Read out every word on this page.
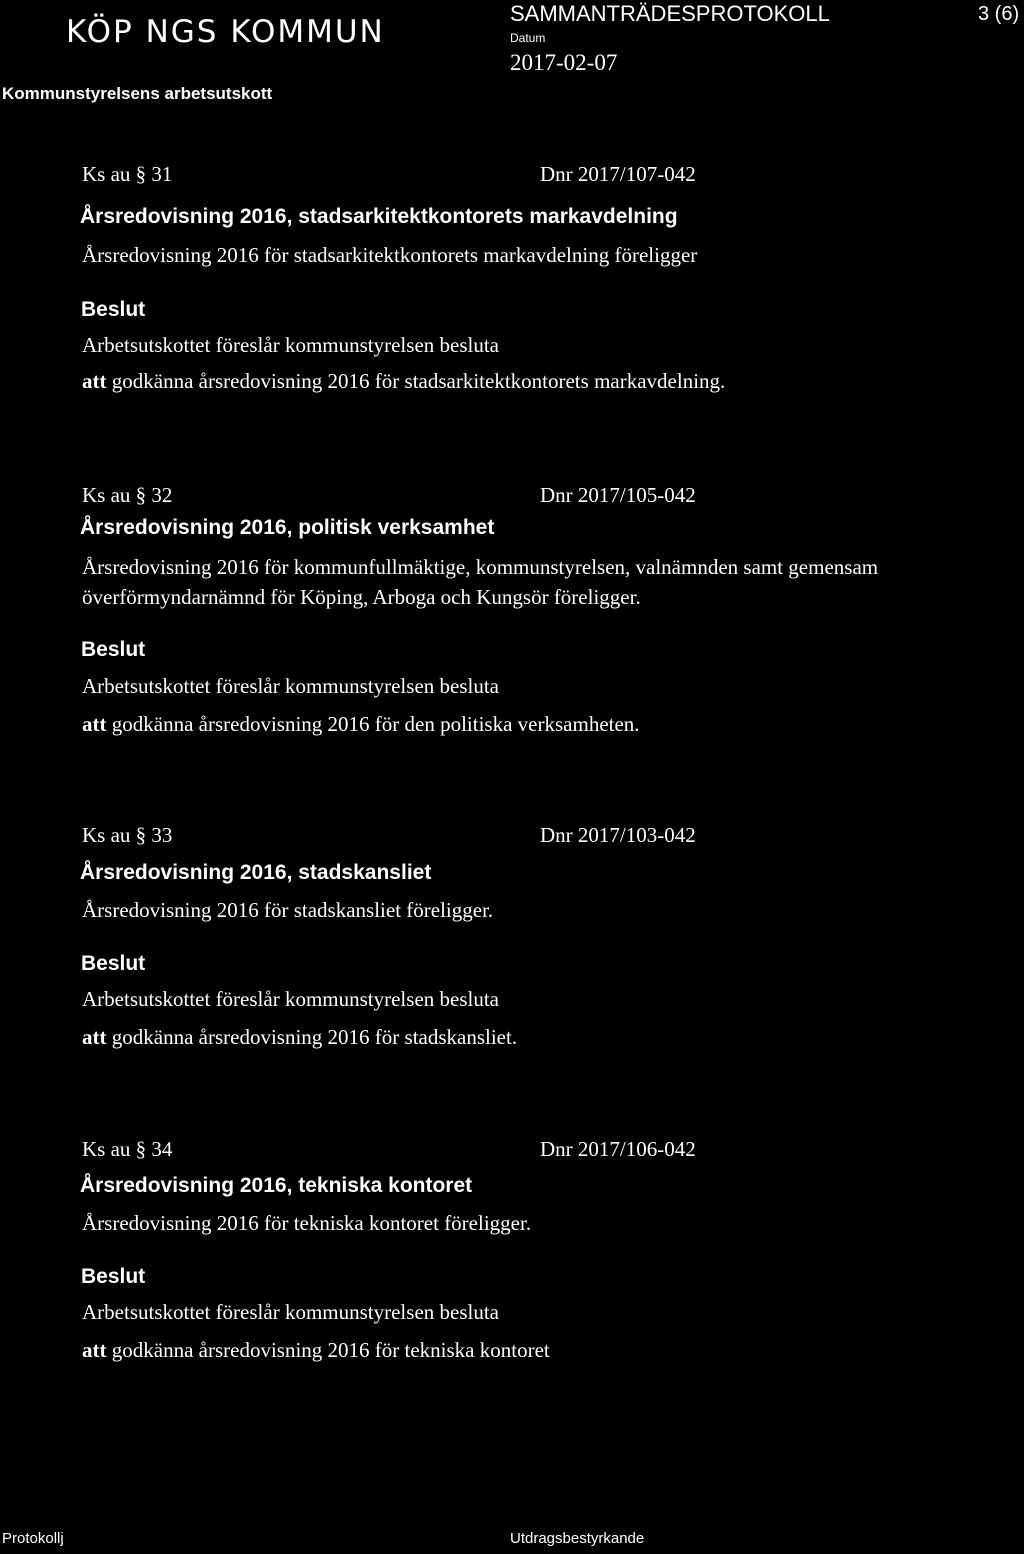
KÖP NGS KOMMUN
Kommunstyrelsens arbetsutskott
SAMMANTRÄDESPROTOKOLL
Datum
2017-02-07
3 (6)
Ks au § 31	Dnr 2017/107-042
Årsredovisning 2016, stadsarkitektkontorets markavdelning
Årsredovisning 2016 för stadsarkitektkontorets markavdelning föreligger
Beslut
Arbetsutskottet föreslår kommunstyrelsen besluta
att godkänna årsredovisning 2016 för stadsarkitektkontorets markavdelning.
Ks au § 32	Dnr 2017/105-042
Årsredovisning 2016, politisk verksamhet
Årsredovisning 2016 för kommunfullmäktige, kommunstyrelsen, valnämnden samt gemensam överförmyndarnämnd för Köping, Arboga och Kungsör föreligger.
Beslut
Arbetsutskottet föreslår kommunstyrelsen besluta
att godkänna årsredovisning 2016 för den politiska verksamheten.
Ks au § 33	Dnr 2017/103-042
Årsredovisning 2016, stadskansliet
Årsredovisning 2016 för stadskansliet föreligger.
Beslut
Arbetsutskottet föreslår kommunstyrelsen besluta
att godkänna årsredovisning 2016 för stadskansliet.
Ks au § 34	Dnr 2017/106-042
Årsredovisning 2016, tekniska kontoret
Årsredovisning 2016 för tekniska kontoret föreligger.
Beslut
Arbetsutskottet föreslår kommunstyrelsen besluta
att godkänna årsredovisning 2016 för tekniska kontoret
Protokollj	Utdragsbestyrkande
